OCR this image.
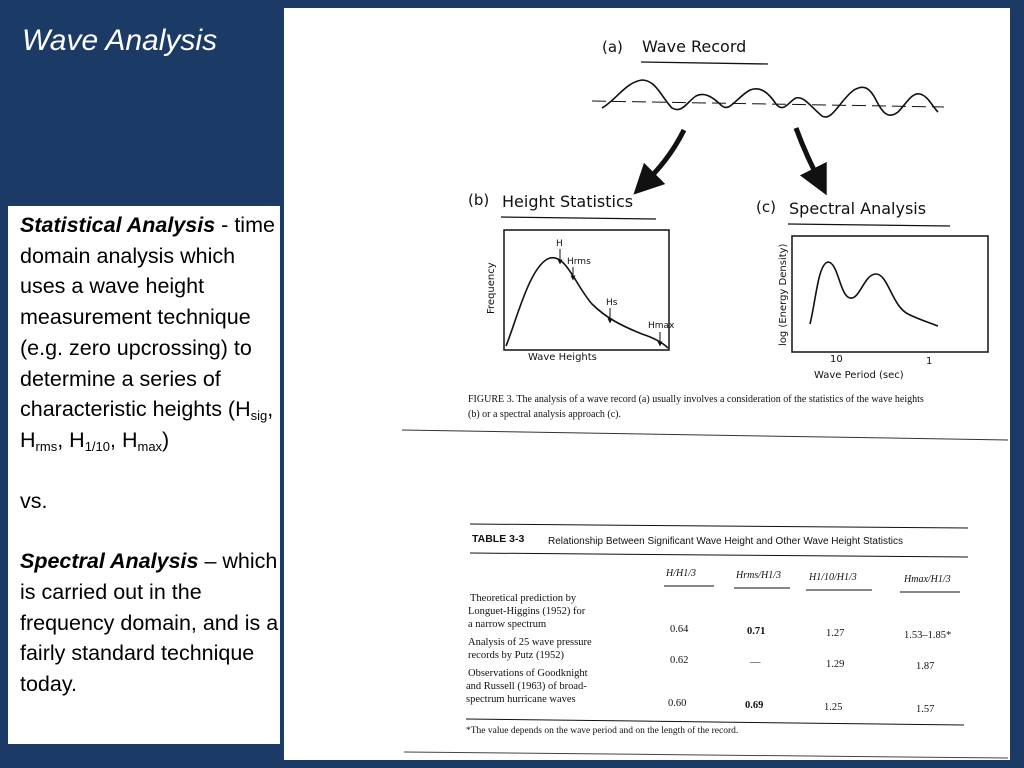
Wave Analysis

Statistical Analysis - time domain analysis which uses a wave height measurement technique (e.g. zero upcrossing) to determine a series of characteristic heights ($H_{sig}$, $H_{rms}$, $H_{1/10}$, $H_{max}$)

vs.

Spectral Analysis – which is carried out in the frequency domain, and is a fairly standard technique today.

(a) Wave Record
(b) Height Statistics
Frequency
Wave Heights
H
Hrms
Hs
Hmax
(c) Spectral Analysis
log (Energy Density)
10	1
Wave Period (sec)
FIGURE 3. The analysis of a wave record (a) usually involves a consideration of the statistics of the wave heights
(b) or a spectral analysis approach (c).
TABLE 3-3 Relationship Between Significant Wave Height and Other Wave Height Statistics
H/H1/3	Hrms/H1/3	H1/10/H1/3	Hmax/H1/3
Theoretical prediction by
Longuet-Higgins (1952) for
a narrow spectrum	0.64	0.71	1.27	1.53–1.85*
Analysis of 25 wave pressure
records by Putz (1952)	0.62	—	1.29	1.87
Observations of Goodknight
and Russell (1963) of broad-
spectrum hurricane waves	0.60	0.69	1.25	1.57
*The value depends on the wave period and on the length of the record.
